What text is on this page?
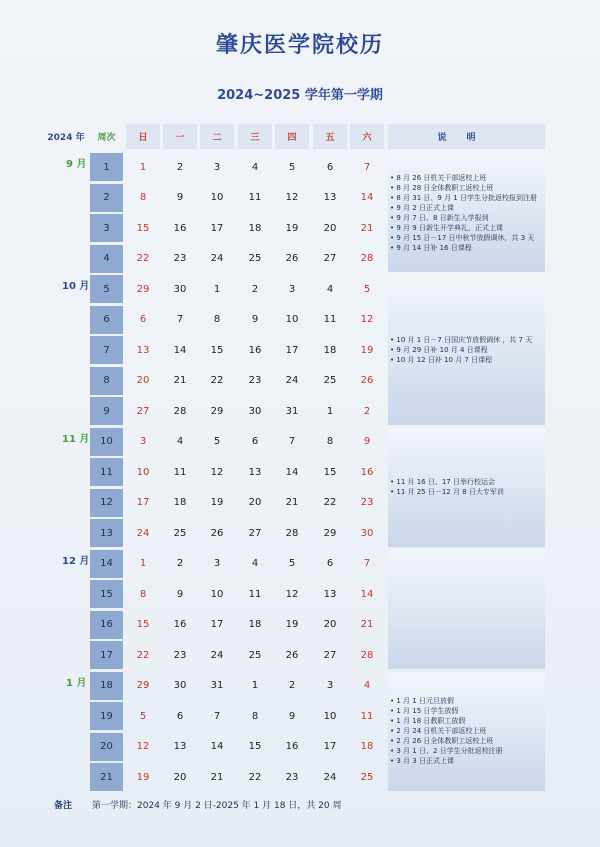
肇庆医学院校历
2024~2025 学年第一学期
2024 年	周次	日	一	二	三	四	五	六	说明
1	1	2	3	4	5	6	7
2	8	9	10	11	12	13	14
3	15	16	17	18	19	20	21
4	22	23	24	25	26	27	28
5	29	30	1	2	3	4	5
6	6	7	8	9	10	11	12
7	13	14	15	16	17	18	19
8	20	21	22	23	24	25	26
9	27	28	29	30	31	1	2
10	3	4	5	6	7	8	9
11	10	11	12	13	14	15	16
12	17	18	19	20	21	22	23
13	24	25	26	27	28	29	30
14	1	2	3	4	5	6	7
15	8	9	10	11	12	13	14
16	15	16	17	18	19	20	21
17	22	23	24	25	26	27	28
18	29	30	31	1	2	3	4
19	5	6	7	8	9	10	11
20	12	13	14	15	16	17	18
21	19	20	21	22	23	24	25
9 月
10 月
11 月
12 月
1 月
• 8 月 26 日机关干部返校上班
• 8 月 28 日全体教职工返校上班
• 8 月 31 日、9 月 1 日学生分批返校报到注册
• 9 月 2 日正式上课
• 9 月 7 日、8 日新生入学报到
• 9 月 9 日新生开学典礼，正式上课
• 9 月 15 日－17 日中秋节放假调休，共 3 天
• 9 月 14 日补 16 日课程
• 10 月 1 日－7 日国庆节放假调休 ，共 7 天
• 9 月 29 日补 10 月 4 日课程
• 10 月 12 日补 10 月 7 日课程
• 11 月 16 日、17 日举行校运会
• 11 月 25 日－12 月 8 日大专军训
• 1 月 1 日元旦放假
• 1 月 15 日学生放假
• 1 月 18 日教职工放假
• 2 月 24 日机关干部返校上班
• 2 月 26 日全体教职工返校上班
• 3 月 1 日、2 日学生分批返校注册
• 3 月 3 日正式上课
备注 第一学期：2024 年 9 月 2 日-2025 年 1 月 18 日，共 20 周
